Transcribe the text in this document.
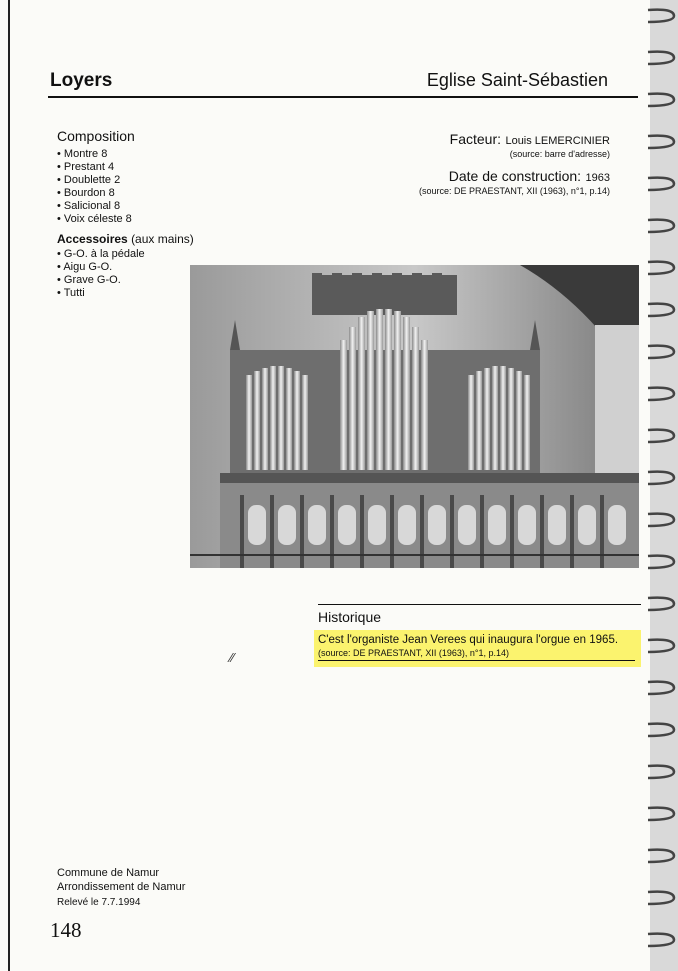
Loyers	Eglise Saint-Sébastien
Composition
• Montre 8
• Prestant 4
• Doublette 2
• Bourdon 8
• Salicional 8
• Voix céleste 8
Accessoires (aux mains)
• G-O. à la pédale
• Aigu G-O.
• Grave G-O.
• Tutti
Facteur: Louis LEMERCINIER
(source: barre d'adresse)
Date de construction: 1963
(source: DE PRAESTANT, XII (1963), n°1, p.14)
Historique
C'est l'organiste Jean Verees qui inaugura l'orgue en 1965.
(source: DE PRAESTANT, XII (1963), n°1, p.14)
⁄⁄
Commune de Namur
Arrondissement de Namur
Relevé le 7.7.1994
148
